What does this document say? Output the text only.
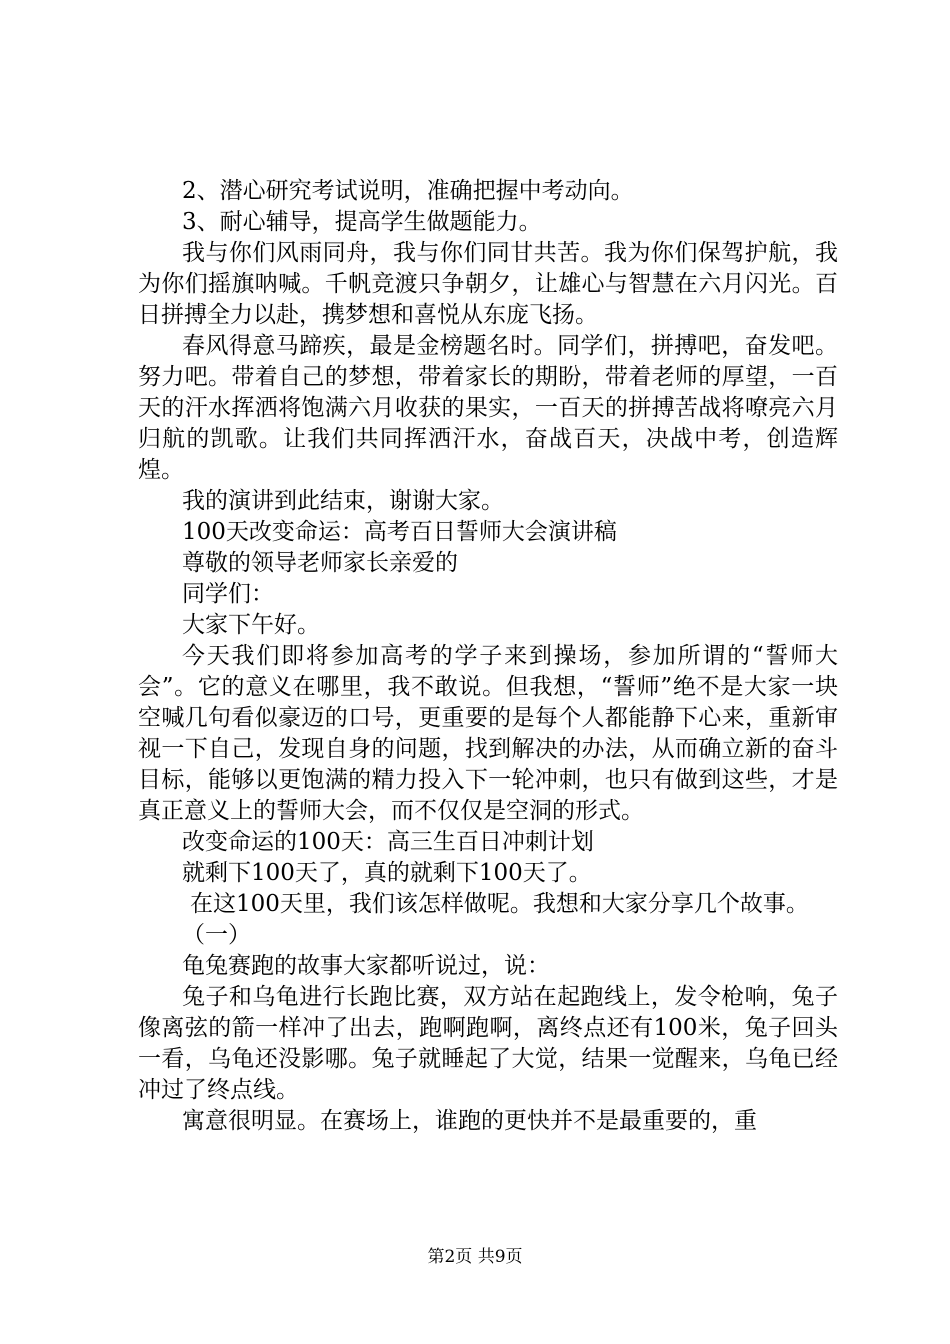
2、潜心研究考试说明，准确把握中考动向。

3、耐心辅导，提高学生做题能力。

我与你们风雨同舟，我与你们同甘共苦。我为你们保驾护航，我为你们摇旗呐喊。千帆竞渡只争朝夕，让雄心与智慧在六月闪光。百日拼搏全力以赴，携梦想和喜悦从东庞飞扬。

春风得意马蹄疾，最是金榜题名时。同学们，拼搏吧，奋发吧。努力吧。带着自己的梦想，带着家长的期盼，带着老师的厚望，一百天的汗水挥洒将饱满六月收获的果实，一百天的拼搏苦战将嘹亮六月归航的凯歌。让我们共同挥洒汗水，奋战百天，决战中考，创造辉煌。

我的演讲到此结束，谢谢大家。

100天改变命运：高考百日誓师大会演讲稿

尊敬的领导老师家长亲爱的

同学们：

大家下午好。

今天我们即将参加高考的学子来到操场，参加所谓的“誓师大会”。它的意义在哪里，我不敢说。但我想，“誓师”绝不是大家一块空喊几句看似豪迈的口号，更重要的是每个人都能静下心来，重新审视一下自己，发现自身的问题，找到解决的办法，从而确立新的奋斗目标，能够以更饱满的精力投入下一轮冲刺，也只有做到这些，才是真正意义上的誓师大会，而不仅仅是空洞的形式。

改变命运的100天：高三生百日冲刺计划

就剩下100天了，真的就剩下100天了。

在这100天里，我们该怎样做呢。我想和大家分享几个故事。

（一）

龟兔赛跑的故事大家都听说过，说：

兔子和乌龟进行长跑比赛，双方站在起跑线上，发令枪响，兔子像离弦的箭一样冲了出去，跑啊跑啊，离终点还有100米，兔子回头一看，乌龟还没影哪。兔子就睡起了大觉，结果一觉醒来，乌龟已经冲过了终点线。

寓意很明显。在赛场上，谁跑的更快并不是最重要的，重

第2页 共9页
